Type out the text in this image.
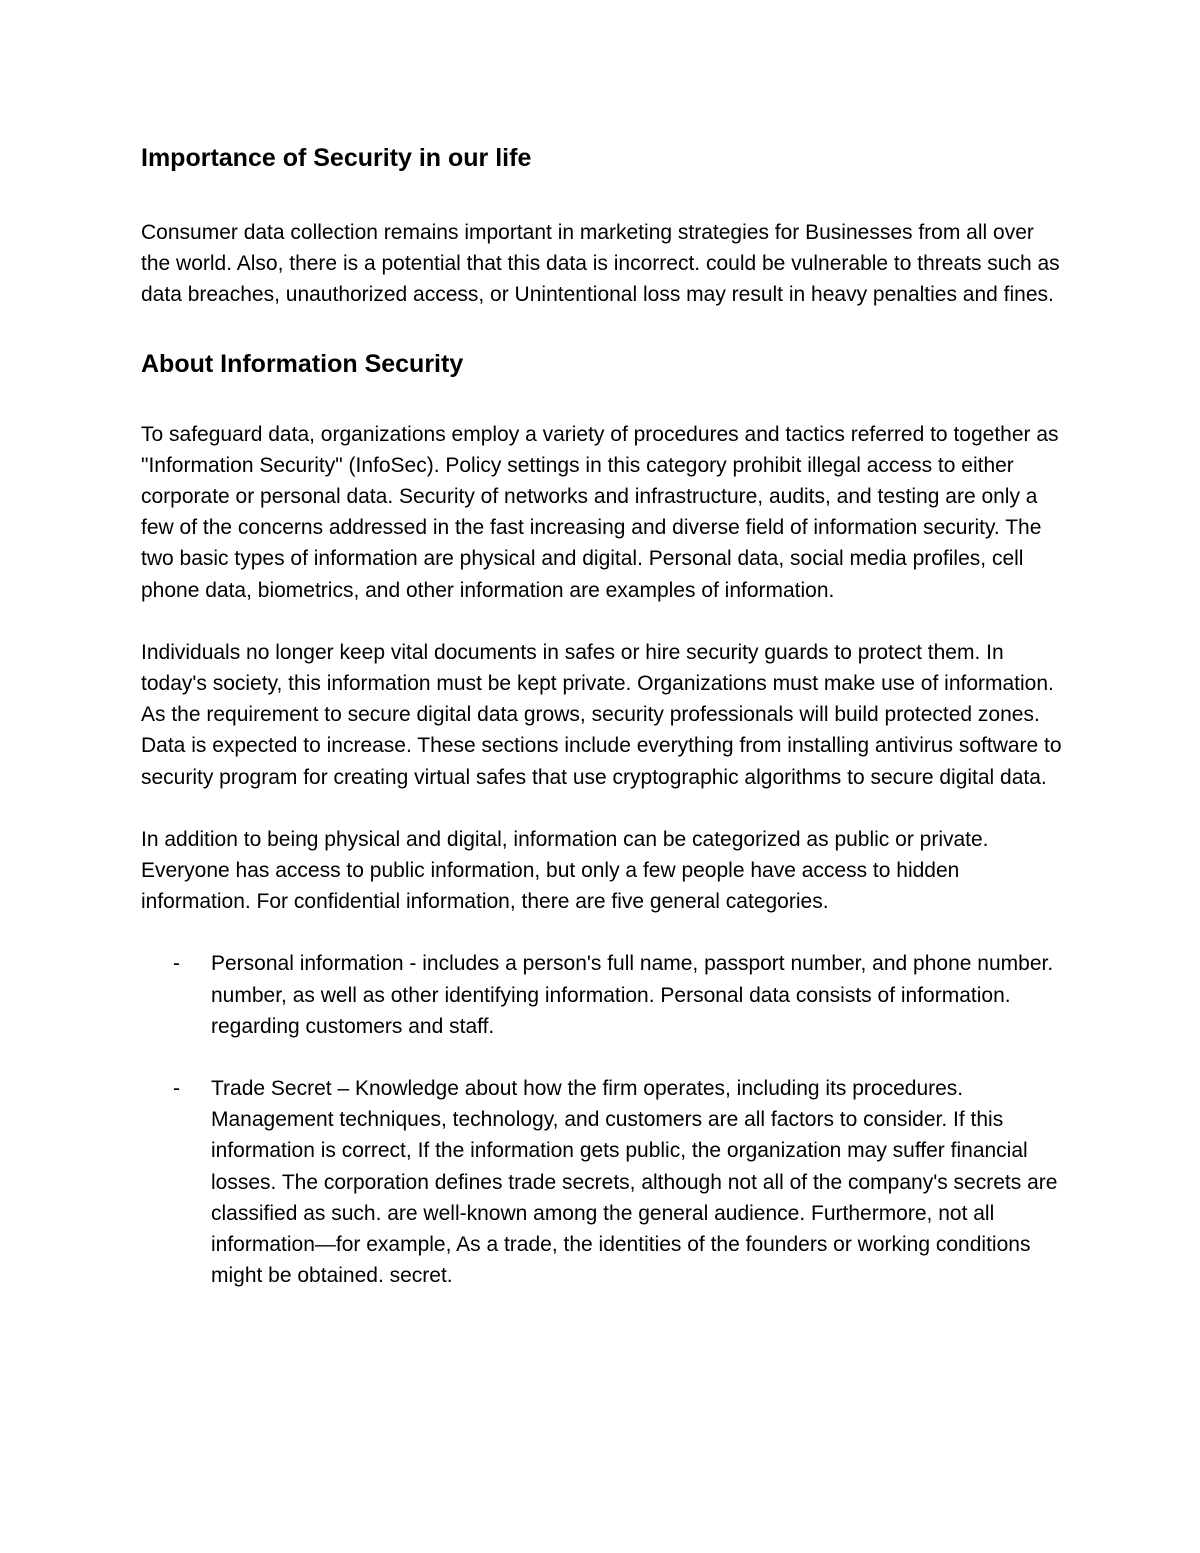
Importance of Security in our life

Consumer data collection remains important in marketing strategies for Businesses from all over the world. Also, there is a potential that this data is incorrect. could be vulnerable to threats such as data breaches, unauthorized access, or Unintentional loss may result in heavy penalties and fines.

About Information Security

To safeguard data, organizations employ a variety of procedures and tactics referred to together as "Information Security" (InfoSec). Policy settings in this category prohibit illegal access to either corporate or personal data. Security of networks and infrastructure, audits, and testing are only a few of the concerns addressed in the fast increasing and diverse field of information security. The two basic types of information are physical and digital. Personal data, social media profiles, cell phone data, biometrics, and other information are examples of information.

Individuals no longer keep vital documents in safes or hire security guards to protect them. In today's society, this information must be kept private. Organizations must make use of information. As the requirement to secure digital data grows, security professionals will build protected zones. Data is expected to increase. These sections include everything from installing antivirus software to security program for creating virtual safes that use cryptographic algorithms to secure digital data.

In addition to being physical and digital, information can be categorized as public or private. Everyone has access to public information, but only a few people have access to hidden information. For confidential information, there are five general categories.

- Personal information - includes a person's full name, passport number, and phone number. number, as well as other identifying information. Personal data consists of information. regarding customers and staff.
- Trade Secret – Knowledge about how the firm operates, including its procedures. Management techniques, technology, and customers are all factors to consider. If this information is correct, If the information gets public, the organization may suffer financial losses. The corporation defines trade secrets, although not all of the company's secrets are classified as such. are well-known among the general audience. Furthermore, not all information—for example, As a trade, the identities of the founders or working conditions might be obtained. secret.
